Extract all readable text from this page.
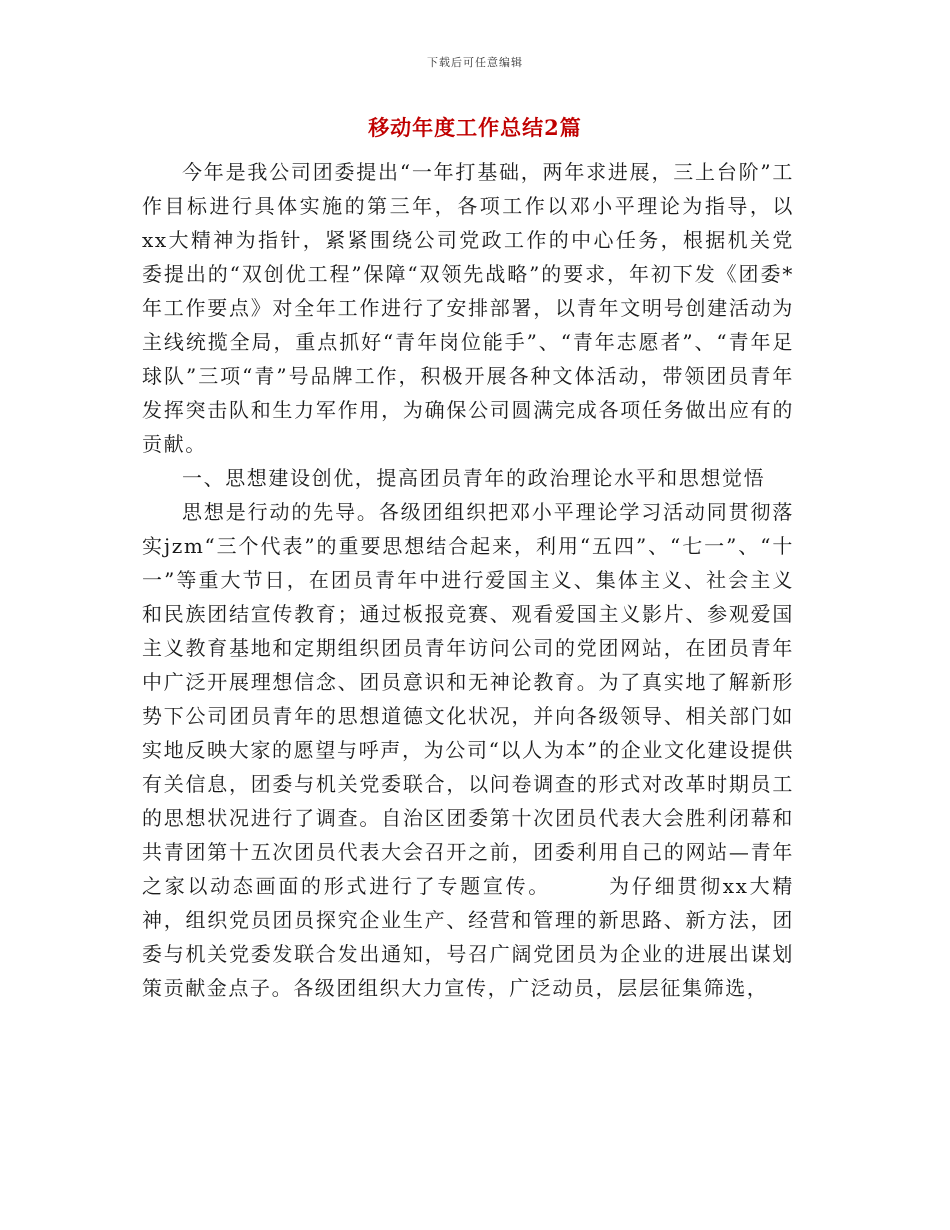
下载后可任意编辑
移动年度工作总结2篇

今年是我公司团委提出“一年打基础，两年求进展，三上台阶”工作目标进行具体实施的第三年，各项工作以邓小平理论为指导，以xx大精神为指针，紧紧围绕公司党政工作的中心任务，根据机关党委提出的“双创优工程”保障“双领先战略”的要求，年初下发《团委*年工作要点》对全年工作进行了安排部署，以青年文明号创建活动为主线统揽全局，重点抓好“青年岗位能手”、“青年志愿者”、“青年足球队”三项“青”号品牌工作，积极开展各种文体活动，带领团员青年发挥突击队和生力军作用，为确保公司圆满完成各项任务做出应有的贡献。

一、思想建设创优，提高团员青年的政治理论水平和思想觉悟

思想是行动的先导。各级团组织把邓小平理论学习活动同贯彻落实jzm“三个代表”的重要思想结合起来，利用“五四”、“七一”、“十一”等重大节日，在团员青年中进行爱国主义、集体主义、社会主义和民族团结宣传教育；通过板报竞赛、观看爱国主义影片、参观爱国主义教育基地和定期组织团员青年访问公司的党团网站，在团员青年中广泛开展理想信念、团员意识和无神论教育。为了真实地了解新形势下公司团员青年的思想道德文化状况，并向各级领导、相关部门如实地反映大家的愿望与呼声，为公司“以人为本”的企业文化建设提供有关信息，团委与机关党委联合，以问卷调查的形式对改革时期员工的思想状况进行了调查。自治区团委第十次团员代表大会胜利闭幕和共青团第十五次团员代表大会召开之前，团委利用自己的网站—青年之家以动态画面的形式进行了专题宣传。　　　为仔细贯彻xx大精神，组织党员团员探究企业生产、经营和管理的新思路、新方法，团委与机关党委发联合发出通知，号召广阔党团员为企业的进展出谋划策贡献金点子。各级团组织大力宣传，广泛动员，层层征集筛选，
